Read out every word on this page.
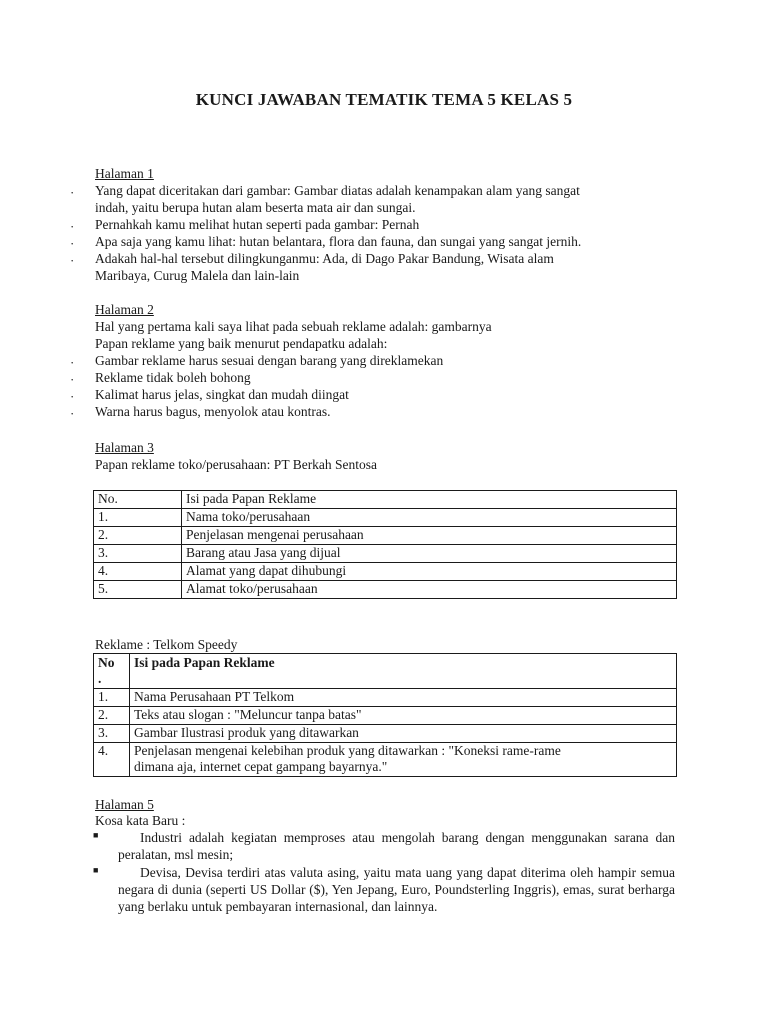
KUNCI JAWABAN TEMATIK TEMA 5 KELAS 5
Halaman 1
· Yang dapat diceritakan dari gambar: Gambar diatas adalah kenampakan alam yang sangat
indah, yaitu berupa hutan alam beserta mata air dan sungai.
· Pernahkah kamu melihat hutan seperti pada gambar: Pernah
· Apa saja yang kamu lihat: hutan belantara, flora dan fauna, dan sungai yang sangat jernih.
· Adakah hal-hal tersebut dilingkunganmu: Ada, di Dago Pakar Bandung, Wisata alam
Maribaya, Curug Malela dan lain-lain
Halaman 2
Hal yang pertama kali saya lihat pada sebuah reklame adalah: gambarnya
Papan reklame yang baik menurut pendapatku adalah:
· Gambar reklame harus sesuai dengan barang yang direklamekan
· Reklame tidak boleh bohong
· Kalimat harus jelas, singkat dan mudah diingat
· Warna harus bagus, menyolok atau kontras.
Halaman 3
Papan reklame toko/perusahaan: PT Berkah Sentosa
No.	Isi pada Papan Reklame
1.	Nama toko/perusahaan
2.	Penjelasan mengenai perusahaan
3.	Barang atau Jasa yang dijual
4.	Alamat yang dapat dihubungi
5.	Alamat toko/perusahaan
Reklame : Telkom Speedy
No
.	Isi pada Papan Reklame
1.	Nama Perusahaan PT Telkom
2.	Teks atau slogan : "Meluncur tanpa batas"
3.	Gambar Ilustrasi produk yang ditawarkan
4.	Penjelasan mengenai kelebihan produk yang ditawarkan : "Koneksi rame-rame
dimana aja, internet cepat gampang bayarnya."
Halaman 5
Kosa kata Baru :
■	Industri adalah kegiatan memproses atau mengolah barang dengan menggunakan sarana dan peralatan, msl mesin;
■	Devisa, Devisa terdiri atas valuta asing, yaitu mata uang yang dapat diterima oleh hampir semua negara di dunia (seperti US Dollar ($), Yen Jepang, Euro, Poundsterling Inggris), emas, surat berharga yang berlaku untuk pembayaran internasional, dan lainnya.
